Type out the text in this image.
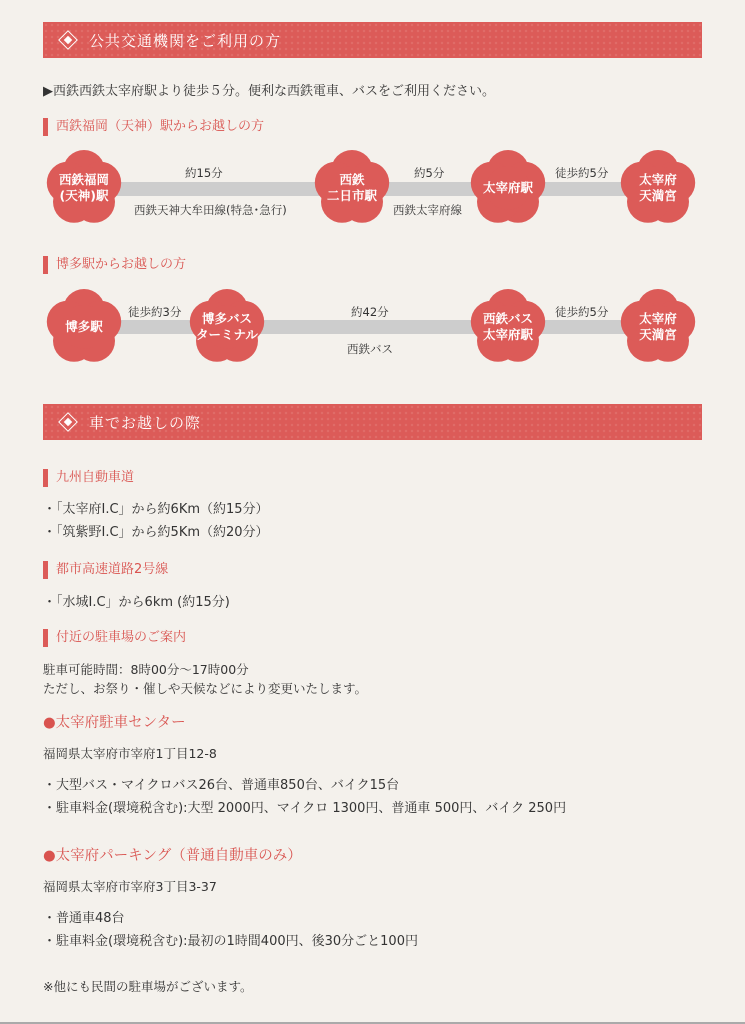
公共交通機関をご利用の方
▶西鉄西鉄太宰府駅より徒歩５分。便利な西鉄電車、バスをご利用ください。
西鉄福岡（天神）駅からお越しの方
西鉄福岡
(天神)駅
西鉄
二日市駅
太宰府駅
太宰府
天満宮
約15分
西鉄天神大牟田線(特急･急行)
約5分
西鉄太宰府線
徒歩約5分
博多駅からお越しの方
博多駅
博多バス
ターミナル
西鉄バス
太宰府駅
太宰府
天満宮
徒歩約3分	約42分
西鉄バス
徒歩約5分
車でお越しの際
九州自動車道
・「太宰府I.C」から約6Km（約15分）
・「筑紫野I.C」から約5Km（約20分）
都市高速道路2号線
・「水城I.C」から6km (約15分)
付近の駐車場のご案内
駐車可能時間：8時00分～17時00分
ただし、お祭り・催しや天候などにより変更いたします。
●太宰府駐車センター
福岡県太宰府市宰府1丁目12-8
・大型バス・マイクロバス26台、普通車850台、バイク15台
・駐車料金(環境税含む):大型 2000円、マイクロ 1300円、普通車 500円、バイク 250円
●太宰府パーキング（普通自動車のみ）
福岡県太宰府市宰府3丁目3-37
・普通車48台
・駐車料金(環境税含む):最初の1時間400円、後30分ごと100円
※他にも民間の駐車場がございます。
